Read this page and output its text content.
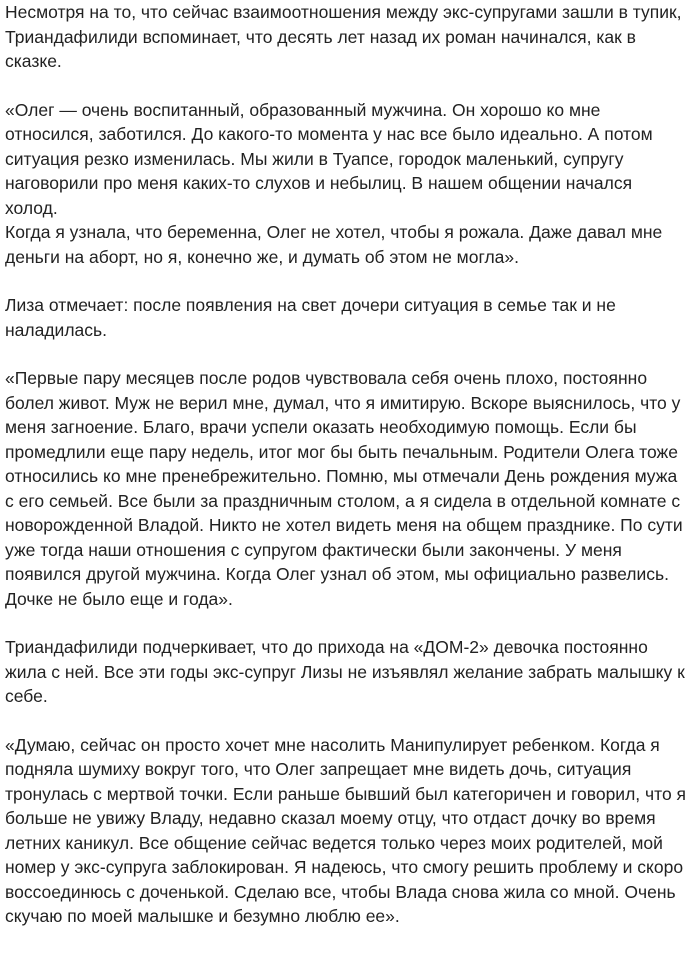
Несмотря на то, что сейчас взаимоотношения между экс-супругами зашли в тупик, Триандафилиди вспоминает, что десять лет назад их роман начинался, как в сказке.

«Олег — очень воспитанный, образованный мужчина. Он хорошо ко мне относился, заботился. До какого-то момента у нас все было идеально. А потом ситуация резко изменилась. Мы жили в Туапсе, городок маленький, супругу наговорили про меня каких-то слухов и небылиц. В нашем общении начался холод.

Когда я узнала, что беременна, Олег не хотел, чтобы я рожала. Даже давал мне деньги на аборт, но я, конечно же, и думать об этом не могла».

Лиза отмечает: после появления на свет дочери ситуация в семье так и не наладилась.

«Первые пару месяцев после родов чувствовала себя очень плохо, постоянно болел живот. Муж не верил мне, думал, что я имитирую. Вскоре выяснилось, что у меня загноение. Благо, врачи успели оказать необходимую помощь. Если бы промедлили еще пару недель, итог мог бы быть печальным. Родители Олега тоже относились ко мне пренебрежительно. Помню, мы отмечали День рождения мужа с его семьей. Все были за праздничным столом, а я сидела в отдельной комнате с новорожденной Владой. Никто не хотел видеть меня на общем празднике. По сути уже тогда наши отношения с супругом фактически были закончены. У меня появился другой мужчина. Когда Олег узнал об этом, мы официально развелись. Дочке не было еще и года».

Триандафилиди подчеркивает, что до прихода на «ДОМ-2» девочка постоянно жила с ней. Все эти годы экс-супруг Лизы не изъявлял желание забрать малышку к себе.

«Думаю, сейчас он просто хочет мне насолить Манипулирует ребенком. Когда я подняла шумиху вокруг того, что Олег запрещает мне видеть дочь, ситуация тронулась с мертвой точки. Если раньше бывший был категоричен и говорил, что я больше не увижу Владу, недавно сказал моему отцу, что отдаст дочку во время летних каникул. Все общение сейчас ведется только через моих родителей, мой номер у экс-супруга заблокирован. Я надеюсь, что смогу решить проблему и скоро воссоединюсь с доченькой. Сделаю все, чтобы Влада снова жила со мной. Очень скучаю по моей малышке и безумно люблю ее».
